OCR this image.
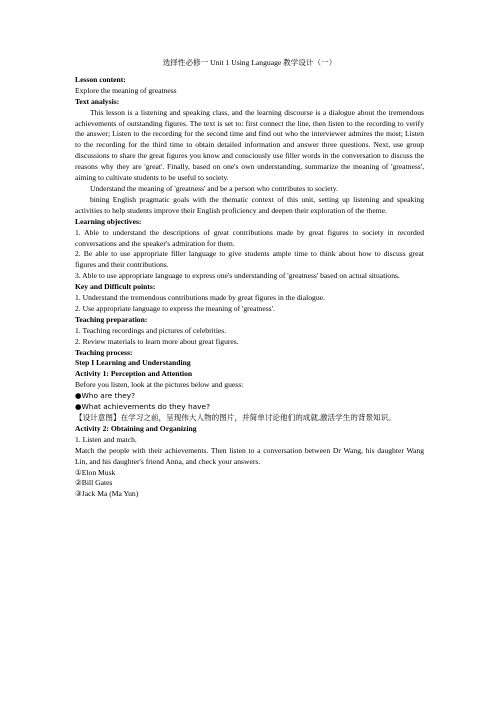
选择性必修一 Unit 1 Using Language 教学设计（一）
Lesson content:
Explore the meaning of greatness
Text analysis:
This lesson is a listening and speaking class, and the learning discourse is a dialogue about the tremendous achievements of outstanding figures. The text is set to: first connect the line, then listen to the recording to verify the answer; Listen to the recording for the second time and find out who the interviewer admires the most; Listen to the recording for the third time to obtain detailed information and answer three questions. Next, use group discussions to share the great figures you know and consciously use filler words in the conversation to discuss the reasons why they are 'great'. Finally, based on one's own understanding, summarize the meaning of 'greatness', aiming to cultivate students to be useful to society.
Understand the meaning of 'greatness' and be a person who contributes to society.
bining English pragmatic goals with the thematic context of this unit, setting up listening and speaking activities to help students improve their English proficiency and deepen their exploration of the theme.
Learning objectives:
1. Able to understand the descriptions of great contributions made by great figures to society in recorded conversations and the speaker's admiration for them.
2. Be able to use appropriate filler language to give students ample time to think about how to discuss great figures and their contributions.
3. Able to use appropriate language to express one's understanding of 'greatness' based on actual situations.
Key and Difficult points:
1. Understand the tremendous contributions made by great figures in the dialogue.
2. Use appropriate language to express the meaning of 'greatness'.
Teaching preparation:
1. Teaching recordings and pictures of celebrities.
2. Review materials to learn more about great figures.
Teaching process:
Step I Learning and Understanding
Activity 1: Perception and Attention
Before you listen, look at the pictures below and guess:
●Who are they?
●What achievements do they have?
【设计意图】在学习之前，呈现伟大人物的图片，并简单讨论他们的成就,激活学生的背景知识。
Activity 2: Obtaining and Organizing
1. Listen and match.
Match the people with their achievements. Then listen to a conversation between Dr Wang, his daughter Wang Lin, and his daughter's friend Anna, and check your answers.
①Elon Musk
②Bill Gates
③Jack Ma (Ma Yun)
